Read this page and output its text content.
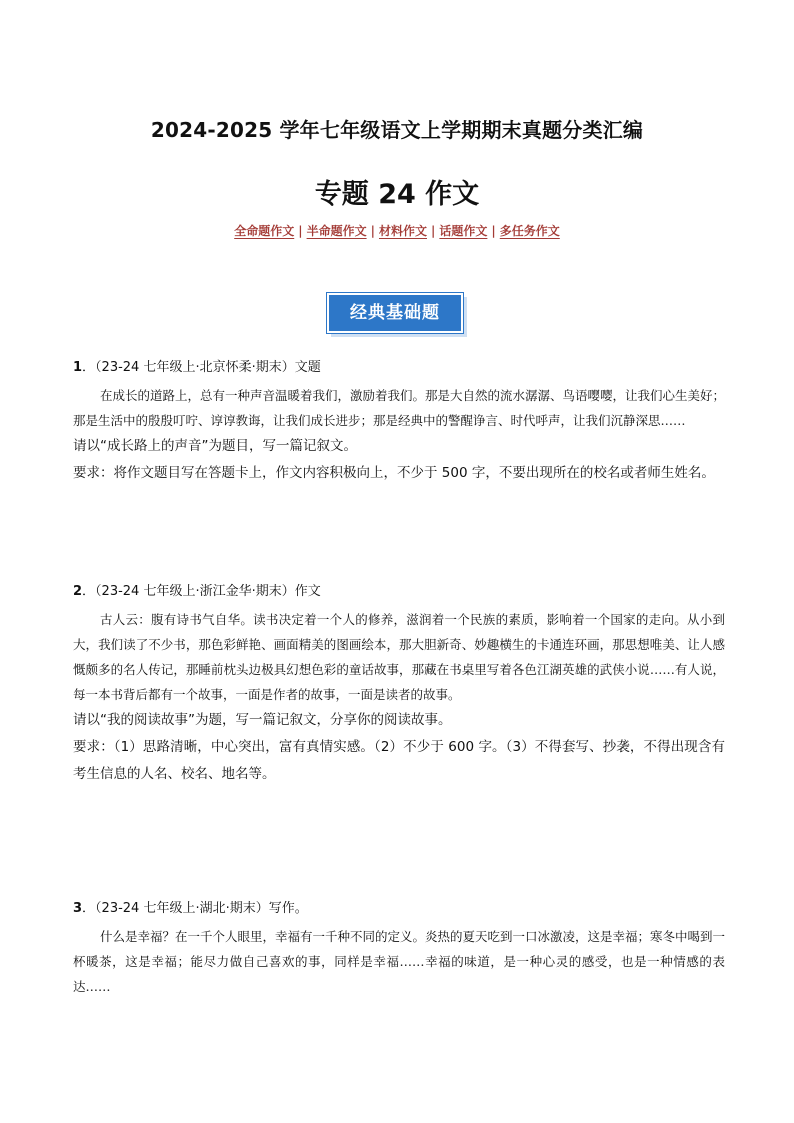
2024-2025 学年七年级语文上学期期末真题分类汇编
专题 24 作文
全命题作文 | 半命题作文 | 材料作文 | 话题作文 | 多任务作文
经典基础题

1．（23-24 七年级上·北京怀柔·期末）文题

在成长的道路上，总有一种声音温暖着我们，激励着我们。那是大自然的流水潺潺、鸟语嘤嘤，让我们心生美好；那是生活中的殷殷叮咛、谆谆教诲，让我们成长进步；那是经典中的警醒诤言、时代呼声，让我们沉静深思……

请以“成长路上的声音”为题目，写一篇记叙文。

要求：将作文题目写在答题卡上，作文内容积极向上，不少于 500 字，不要出现所在的校名或者师生姓名。

2．（23-24 七年级上·浙江金华·期末）作文

古人云：腹有诗书气自华。读书决定着一个人的修养，滋润着一个民族的素质，影响着一个国家的走向。从小到大，我们读了不少书，那色彩鲜艳、画面精美的图画绘本，那大胆新奇、妙趣横生的卡通连环画，那思想唯美、让人感慨颇多的名人传记，那睡前枕头边极具幻想色彩的童话故事，那藏在书桌里写着各色江湖英雄的武侠小说……有人说，每一本书背后都有一个故事，一面是作者的故事，一面是读者的故事。

请以“我的阅读故事”为题，写一篇记叙文，分享你的阅读故事。

要求：（1）思路清晰，中心突出，富有真情实感。（2）不少于 600 字。（3）不得套写、抄袭，不得出现含有考生信息的人名、校名、地名等。

3．（23-24 七年级上·湖北·期末）写作。

什么是幸福？在一千个人眼里，幸福有一千种不同的定义。炎热的夏天吃到一口冰激凌，这是幸福；寒冬中喝到一杯暖茶，这是幸福；能尽力做自己喜欢的事，同样是幸福……幸福的味道，是一种心灵的感受，也是一种情感的表达……
